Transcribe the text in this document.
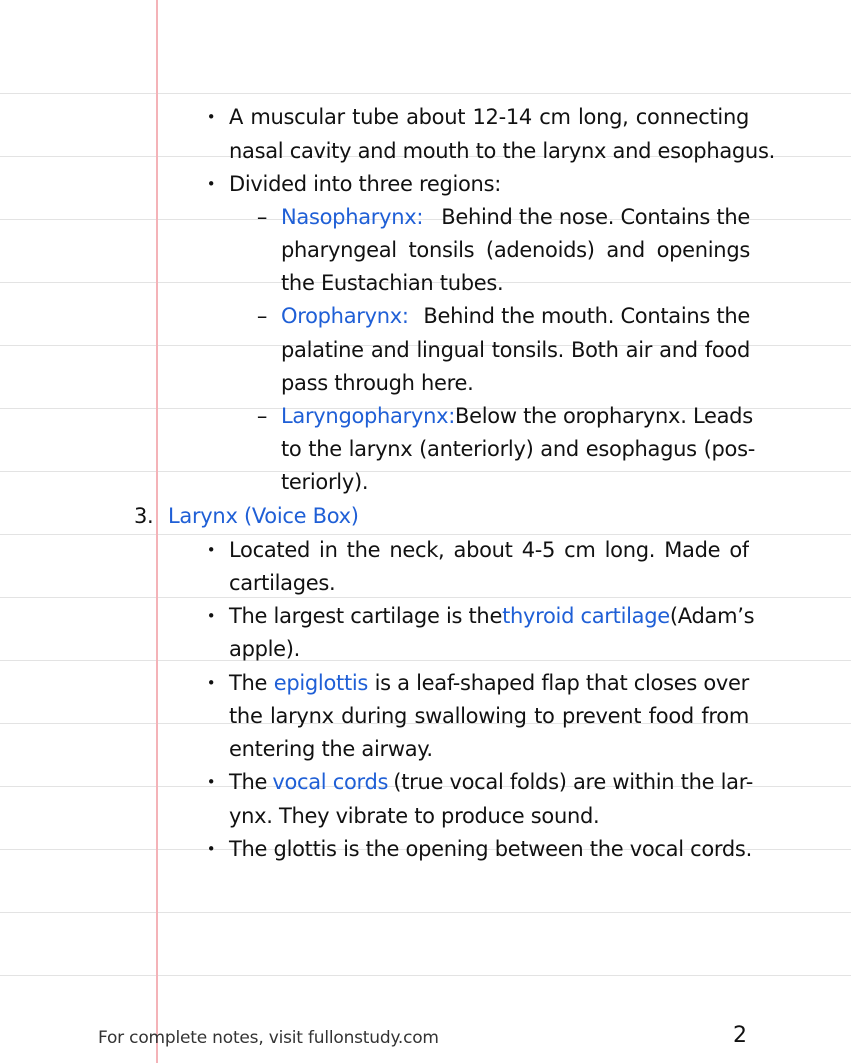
• A muscular tube about 12-14 cm long, connecting
nasal cavity and mouth to the larynx and esophagus.
• Divided into three regions:
– Nasopharynx: Behind the nose. Contains the
pharyngeal tonsils (adenoids) and openings
the Eustachian tubes.
– Oropharynx: Behind the mouth. Contains the
palatine and lingual tonsils. Both air and food
pass through here.
– Laryngopharynx: Below the oropharynx. Leads
to the larynx (anteriorly) and esophagus (pos-
teriorly).
3. Larynx (Voice Box)
• Located in the neck, about 4-5 cm long. Made of
cartilages.
• The largest cartilage is the thyroid cartilage (Adam’s
apple).
• The epiglottis is a leaf-shaped flap that closes over
the larynx during swallowing to prevent food from
entering the airway.
• The vocal cords (true vocal folds) are within the lar-
ynx. They vibrate to produce sound.
• The glottis is the opening between the vocal cords.
For complete notes, visit fullonstudy.com	2
